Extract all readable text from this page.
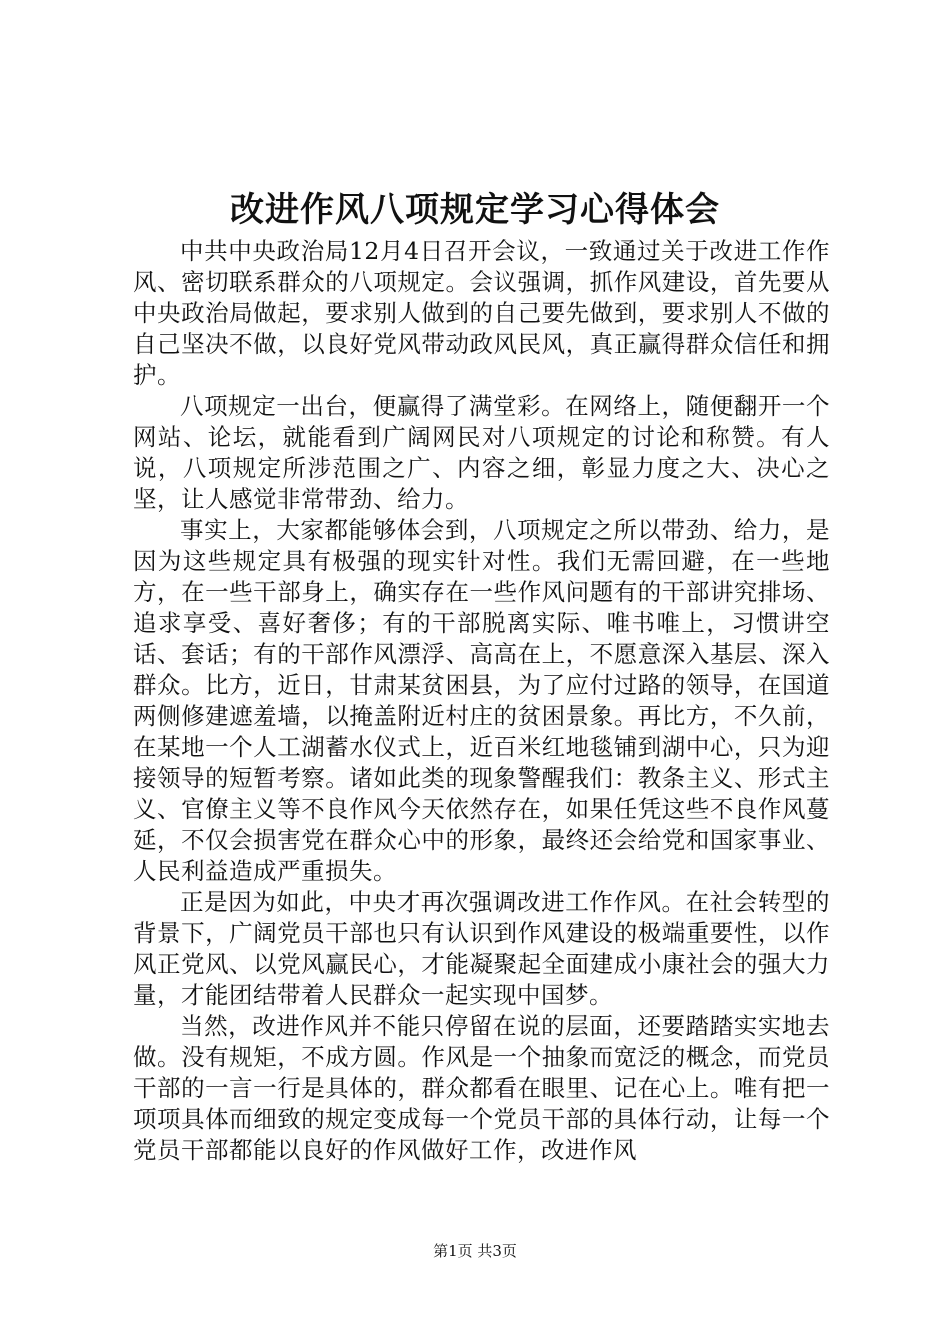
改进作风八项规定学习心得体会

中共中央政治局12月4日召开会议，一致通过关于改进工作作风、密切联系群众的八项规定。会议强调，抓作风建设，首先要从中央政治局做起，要求别人做到的自己要先做到，要求别人不做的自己坚决不做，以良好党风带动政风民风，真正赢得群众信任和拥护。

八项规定一出台，便赢得了满堂彩。在网络上，随便翻开一个网站、论坛，就能看到广阔网民对八项规定的讨论和称赞。有人说，八项规定所涉范围之广、内容之细，彰显力度之大、决心之坚，让人感觉非常带劲、给力。

事实上，大家都能够体会到，八项规定之所以带劲、给力，是因为这些规定具有极强的现实针对性。我们无需回避，在一些地方，在一些干部身上，确实存在一些作风问题有的干部讲究排场、追求享受、喜好奢侈；有的干部脱离实际、唯书唯上，习惯讲空话、套话；有的干部作风漂浮、高高在上，不愿意深入基层、深入群众。比方，近日，甘肃某贫困县，为了应付过路的领导，在国道两侧修建遮羞墙，以掩盖附近村庄的贫困景象。再比方，不久前，在某地一个人工湖蓄水仪式上，近百米红地毯铺到湖中心，只为迎接领导的短暂考察。诸如此类的现象警醒我们：教条主义、形式主义、官僚主义等不良作风今天依然存在，如果任凭这些不良作风蔓延，不仅会损害党在群众心中的形象，最终还会给党和国家事业、人民利益造成严重损失。

正是因为如此，中央才再次强调改进工作作风。在社会转型的背景下，广阔党员干部也只有认识到作风建设的极端重要性，以作风正党风、以党风赢民心，才能凝聚起全面建成小康社会的强大力量，才能团结带着人民群众一起实现中国梦。

当然，改进作风并不能只停留在说的层面，还要踏踏实实地去做。没有规矩，不成方圆。作风是一个抽象而宽泛的概念，而党员干部的一言一行是具体的，群众都看在眼里、记在心上。唯有把一项项具体而细致的规定变成每一个党员干部的具体行动，让每一个党员干部都能以良好的作风做好工作，改进作风

第1页 共3页
